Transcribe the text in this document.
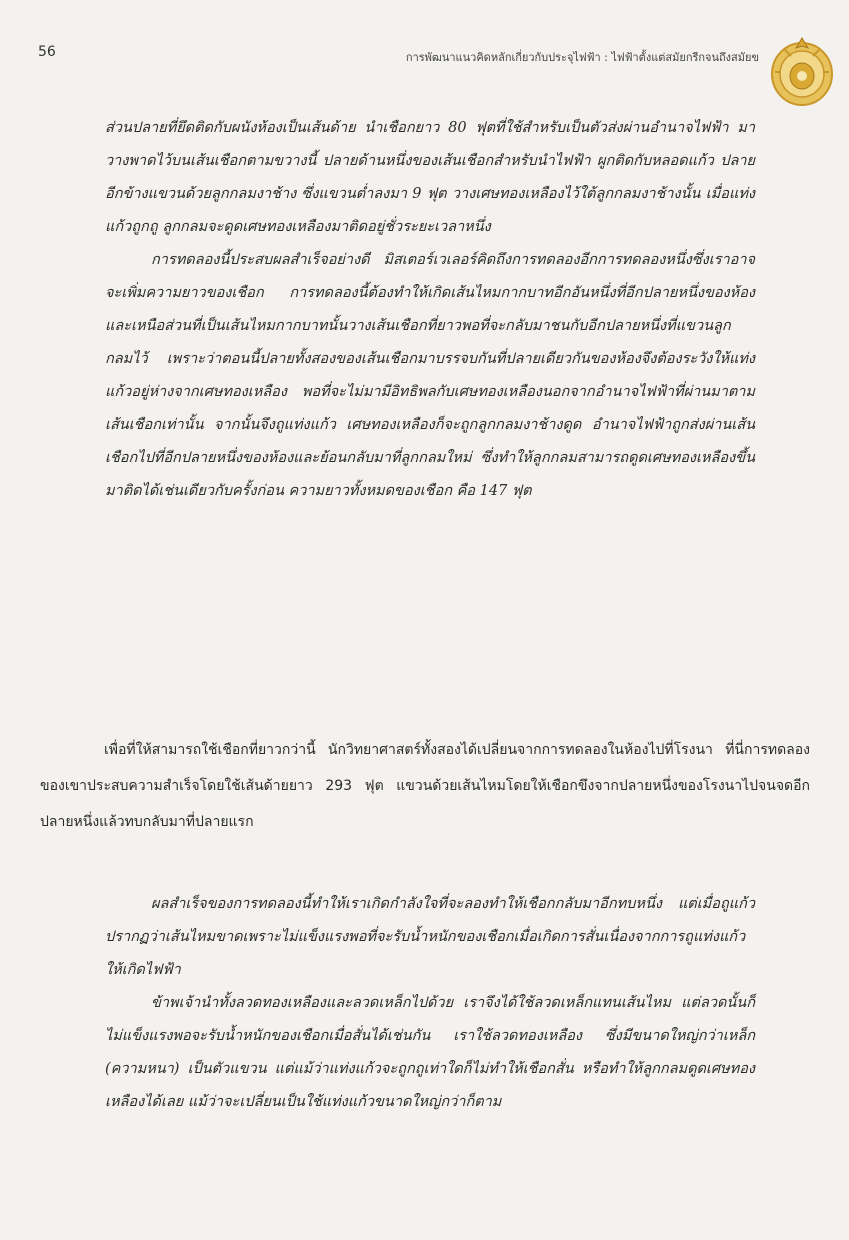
56	การพัฒนาแนวคิดหลักเกี่ยวกับประจุไฟฟ้า : ไฟฟ้าตั้งแต่สมัยกรีกจนถึงสมัยข

ส่วนปลายที่ยึดติดกับผนังห้องเป็นเส้นด้าย นำเชือกยาว 80 ฟุตที่ใช้สำหรับเป็นตัวส่งผ่านอำนาจไฟฟ้า มาวางพาดไว้บนเส้นเชือกตามขวางนี้ ปลายด้านหนึ่งของเส้นเชือกสำหรับนำไฟฟ้า ผูกติดกับหลอดแก้ว ปลายอีกข้างแขวนด้วยลูกกลมงาช้าง ซึ่งแขวนต่ำลงมา 9 ฟุต วางเศษทองเหลืองไว้ใต้ลูกกลมงาช้างนั้น เมื่อแท่งแก้วถูกถู ลูกกลมจะดูดเศษทองเหลืองมาติดอยู่ชั่วระยะเวลาหนึ่ง

การทดลองนี้ประสบผลสำเร็จอย่างดี มิสเตอร์เวเลอร์คิดถึงการทดลองอีกการทดลองหนึ่งซึ่งเราอาจจะเพิ่มความยาวของเชือก การทดลองนี้ต้องทำให้เกิดเส้นไหมกากบาทอีกอันหนึ่งที่อีกปลายหนึ่งของห้อง และเหนือส่วนที่เป็นเส้นไหมกากบาทนั้นวางเส้นเชือกที่ยาวพอที่จะกลับมาชนกับอีกปลายหนึ่งที่แขวนลูกกลมไว้ เพราะว่าตอนนี้ปลายทั้งสองของเส้นเชือกมาบรรจบกันที่ปลายเดียวกันของห้องจึงต้องระวังให้แท่งแก้วอยู่ห่างจากเศษทองเหลือง พอที่จะไม่มามีอิทธิพลกับเศษทองเหลืองนอกจากอำนาจไฟฟ้าที่ผ่านมาตามเส้นเชือกเท่านั้น จากนั้นจึงถูแท่งแก้ว เศษทองเหลืองก็จะถูกลูกกลมงาช้างดูด อำนาจไฟฟ้าถูกส่งผ่านเส้นเชือกไปที่อีกปลายหนึ่งของห้องและย้อนกลับมาที่ลูกกลมใหม่ ซึ่งทำให้ลูกกลมสามารถดูดเศษทองเหลืองขึ้นมาติดได้เช่นเดียวกับครั้งก่อน ความยาวทั้งหมดของเชือก คือ 147 ฟุต

เพื่อที่ให้สามารถใช้เชือกที่ยาวกว่านี้ นักวิทยาศาสตร์ทั้งสองได้เปลี่ยนจากการทดลองในห้องไปที่โรงนา ที่นี่การทดลองของเขาประสบความสำเร็จโดยใช้เส้นด้ายยาว 293 ฟุต แขวนด้วยเส้นไหมโดยให้เชือกขึงจากปลายหนึ่งของโรงนาไปจนจดอีกปลายหนึ่งแล้วทบกลับมาที่ปลายแรก

ผลสำเร็จของการทดลองนี้ทำให้เราเกิดกำลังใจที่จะลองทำให้เชือกกลับมาอีกทบหนึ่ง แต่เมื่อถูแก้วปรากฏว่าเส้นไหมขาดเพราะไม่แข็งแรงพอที่จะรับน้ำหนักของเชือกเมื่อเกิดการสั่นเนื่องจากการถูแท่งแก้วให้เกิดไฟฟ้า

ข้าพเจ้านำทั้งลวดทองเหลืองและลวดเหล็กไปด้วย เราจึงได้ใช้ลวดเหล็กแทนเส้นไหม แต่ลวดนั้นก็ไม่แข็งแรงพอจะรับน้ำหนักของเชือกเมื่อสั่นได้เช่นกัน เราใช้ลวดทองเหลือง ซึ่งมีขนาดใหญ่กว่าเหล็ก (ความหนา) เป็นตัวแขวน แต่แม้ว่าแท่งแก้วจะถูกถูเท่าใดก็ไม่ทำให้เชือกสั่น หรือทำให้ลูกกลมดูดเศษทองเหลืองได้เลย แม้ว่าจะเปลี่ยนเป็นใช้แท่งแก้วขนาดใหญ่กว่าก็ตาม
